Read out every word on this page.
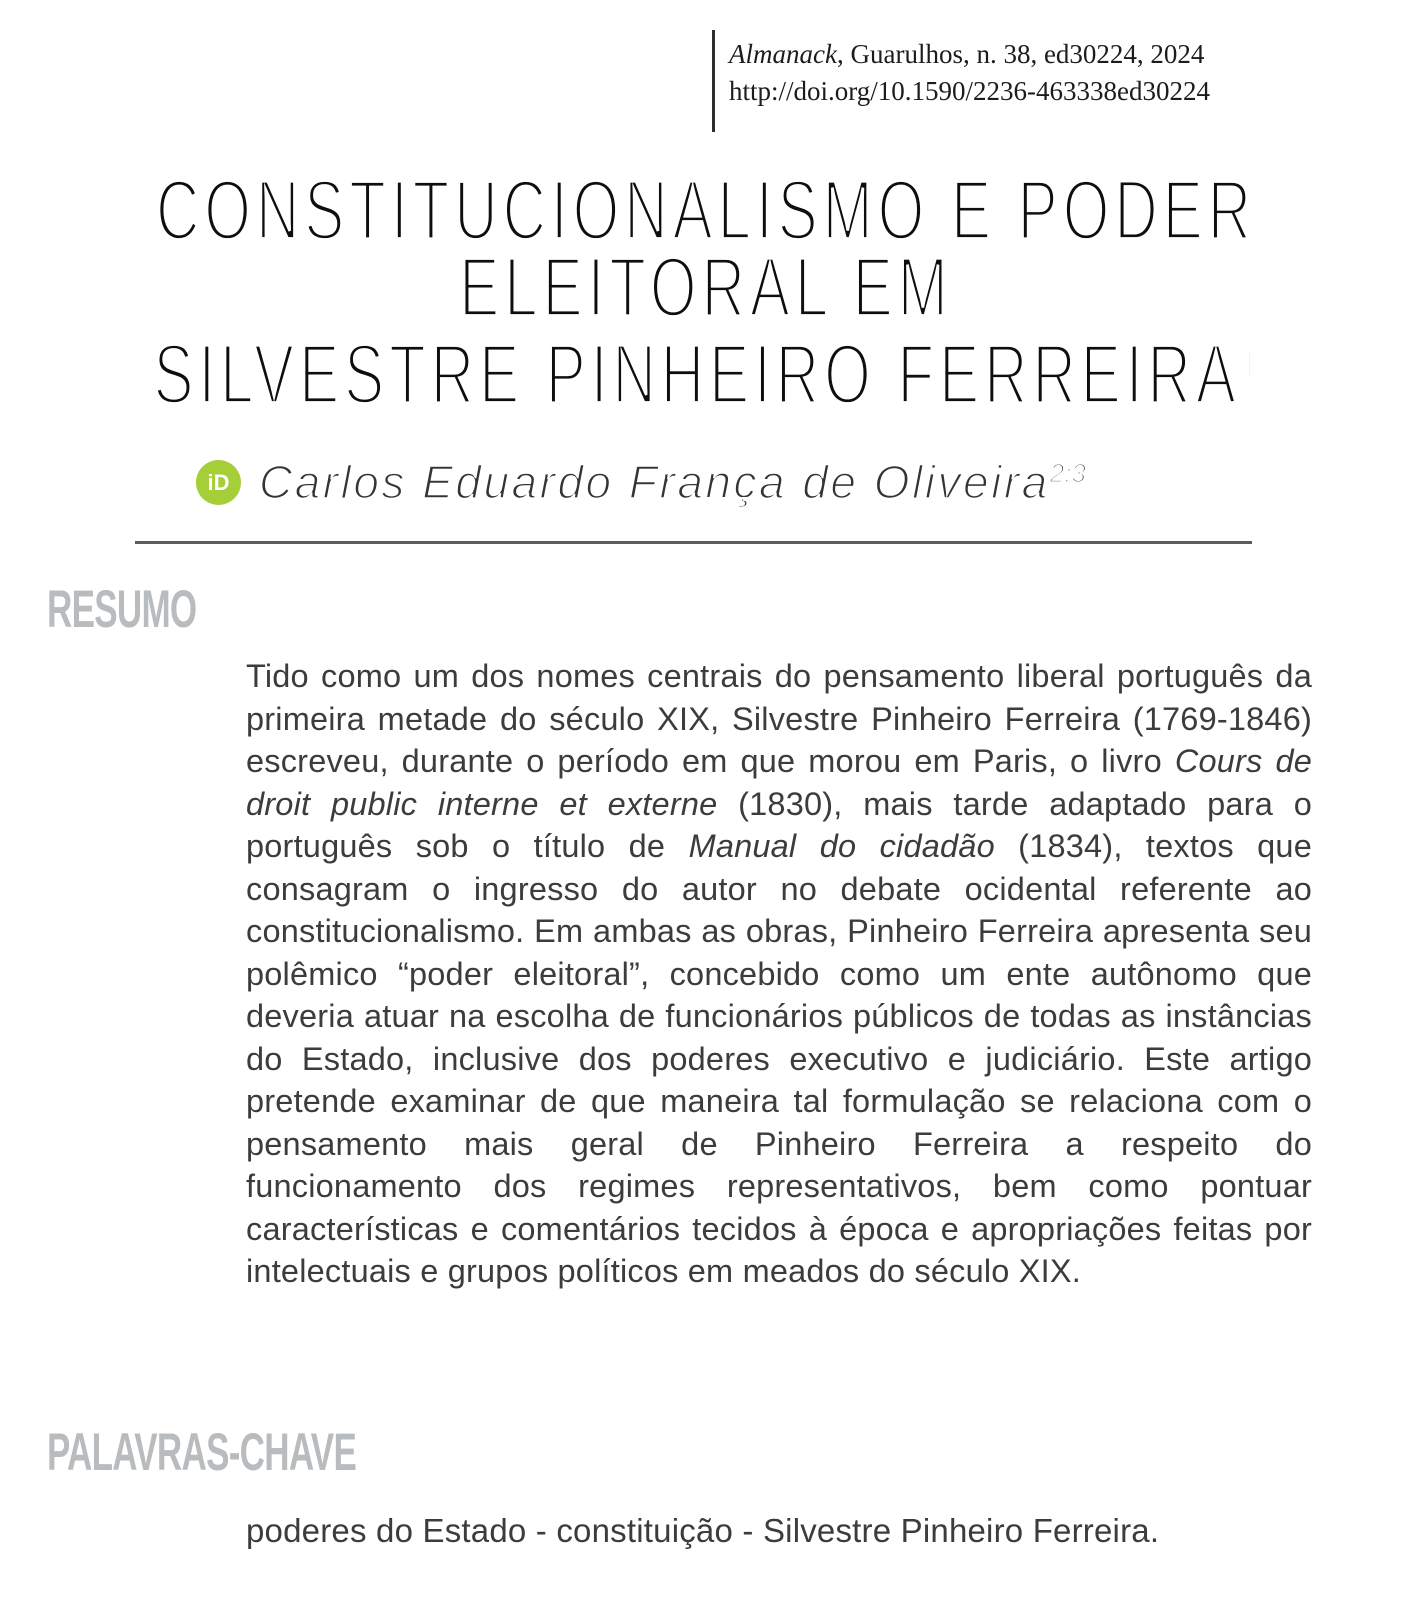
Almanack, Guarulhos, n. 38, ed30224, 2024
http://doi.org/10.1590/2236-463338ed30224
CONSTITUCIONALISMO E PODER
ELEITORAL EM
SILVESTRE PINHEIRO FERREIRA$^1$
iD Carlos Eduardo França de Oliveira$^{2;3}$
RESUMO

Tido como um dos nomes centrais do pensamento liberal português da primeira metade do século XIX, Silvestre Pinheiro Ferreira (1769-1846) escreveu, durante o período em que morou em Paris, o livro Cours de droit public interne et externe (1830), mais tarde adaptado para o português sob o título de Manual do cidadão (1834), textos que consagram o ingresso do autor no debate ocidental referente ao constitucionalismo. Em ambas as obras, Pinheiro Ferreira apresenta seu polêmico “poder eleitoral”, concebido como um ente autônomo que deveria atuar na escolha de funcionários públicos de todas as instâncias do Estado, inclusive dos poderes executivo e judiciário. Este artigo pretende examinar de que maneira tal formulação se relaciona com o pensamento mais geral de Pinheiro Ferreira a respeito do funcionamento dos regimes representativos, bem como pontuar características e comentários tecidos à época e apropriações feitas por intelectuais e grupos políticos em meados do século XIX.

PALAVRAS-CHAVE

poderes do Estado - constituição - Silvestre Pinheiro Ferreira.
